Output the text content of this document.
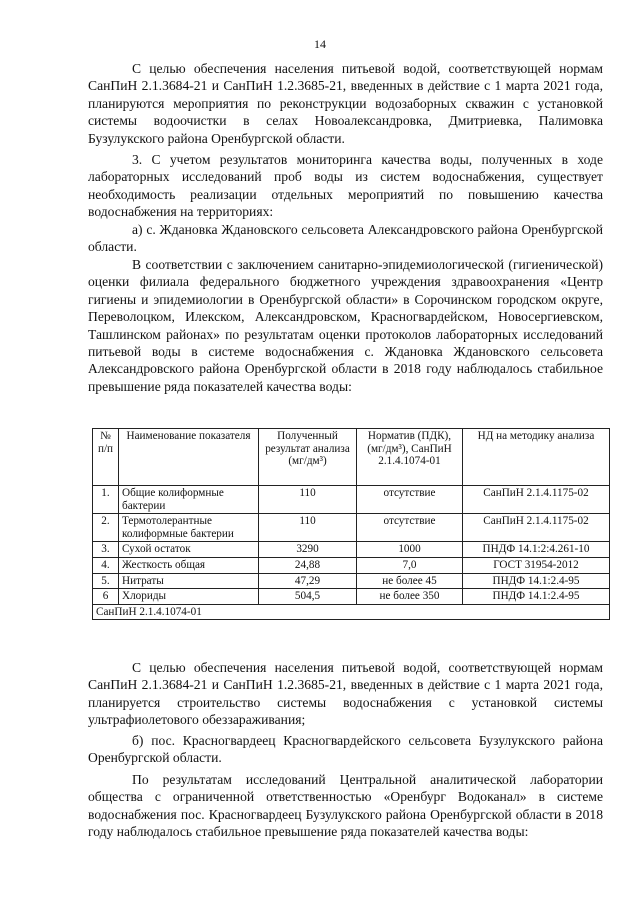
14

С целью обеспечения населения питьевой водой, соответствующей нормам СанПиН 2.1.3684-21 и СанПиН 1.2.3685-21, введенных в действие с 1 марта 2021 года, планируются мероприятия по реконструкции водозаборных скважин с установкой системы водоочистки в селах Новоалександровка, Дмитриевка, Палимовка Бузулукского района Оренбургской области.

3. С учетом результатов мониторинга качества воды, полученных в ходе лабораторных исследований проб воды из систем водоснабжения, существует необходимость реализации отдельных мероприятий по повышению качества водоснабжения на территориях:

а) с. Ждановка Ждановского сельсовета Александровского района Оренбургской области.

В соответствии с заключением санитарно-эпидемиологической (гигиенической) оценки филиала федерального бюджетного учреждения здравоохранения «Центр гигиены и эпидемиологии в Оренбургской области» в Сорочинском городском округе, Переволоцком, Илекском, Александровском, Красногвардейском, Новосергиевском, Ташлинском районах» по результатам оценки протоколов лабораторных исследований питьевой воды в системе водоснабжения с. Ждановка Ждановского сельсовета Александровского района Оренбургской области в 2018 году наблюдалось стабильное превышение ряда показателей качества воды:

№ п/п	Наименование показателя	Полученный результат анализа (мг/дм³)	Норматив (ПДК), (мг/дм³), СанПиН 2.1.4.1074-01	НД на методику анализа
1.	Общие колиформные бактерии	110	отсутствие	СанПиН 2.1.4.1175-02
2.	Термотолерантные колиформные бактерии	110	отсутствие	СанПиН 2.1.4.1175-02
3.	Сухой остаток	3290	1000	ПНДФ 14.1:2:4.261-10
4.	Жесткость общая	24,88	7,0	ГОСТ 31954-2012
5.	Нитраты	47,29	не более 45	ПНДФ 14.1:2.4-95
6	Хлориды	504,5	не более 350	ПНДФ 14.1:2.4-95
СанПиН 2.1.4.1074-01				

С целью обеспечения населения питьевой водой, соответствующей нормам СанПиН 2.1.3684-21 и СанПиН 1.2.3685-21, введенных в действие с 1 марта 2021 года, планируется строительство системы водоснабжения с установкой системы ультрафиолетового обеззараживания;

б) пос. Красногвардеец Красногвардейского сельсовета Бузулукского района Оренбургской области.

По результатам исследований Центральной аналитической лаборатории общества с ограниченной ответственностью «Оренбург Водоканал» в системе водоснабжения пос. Красногвардеец Бузулукского района Оренбургской области в 2018 году наблюдалось стабильное превышение ряда показателей качества воды:
